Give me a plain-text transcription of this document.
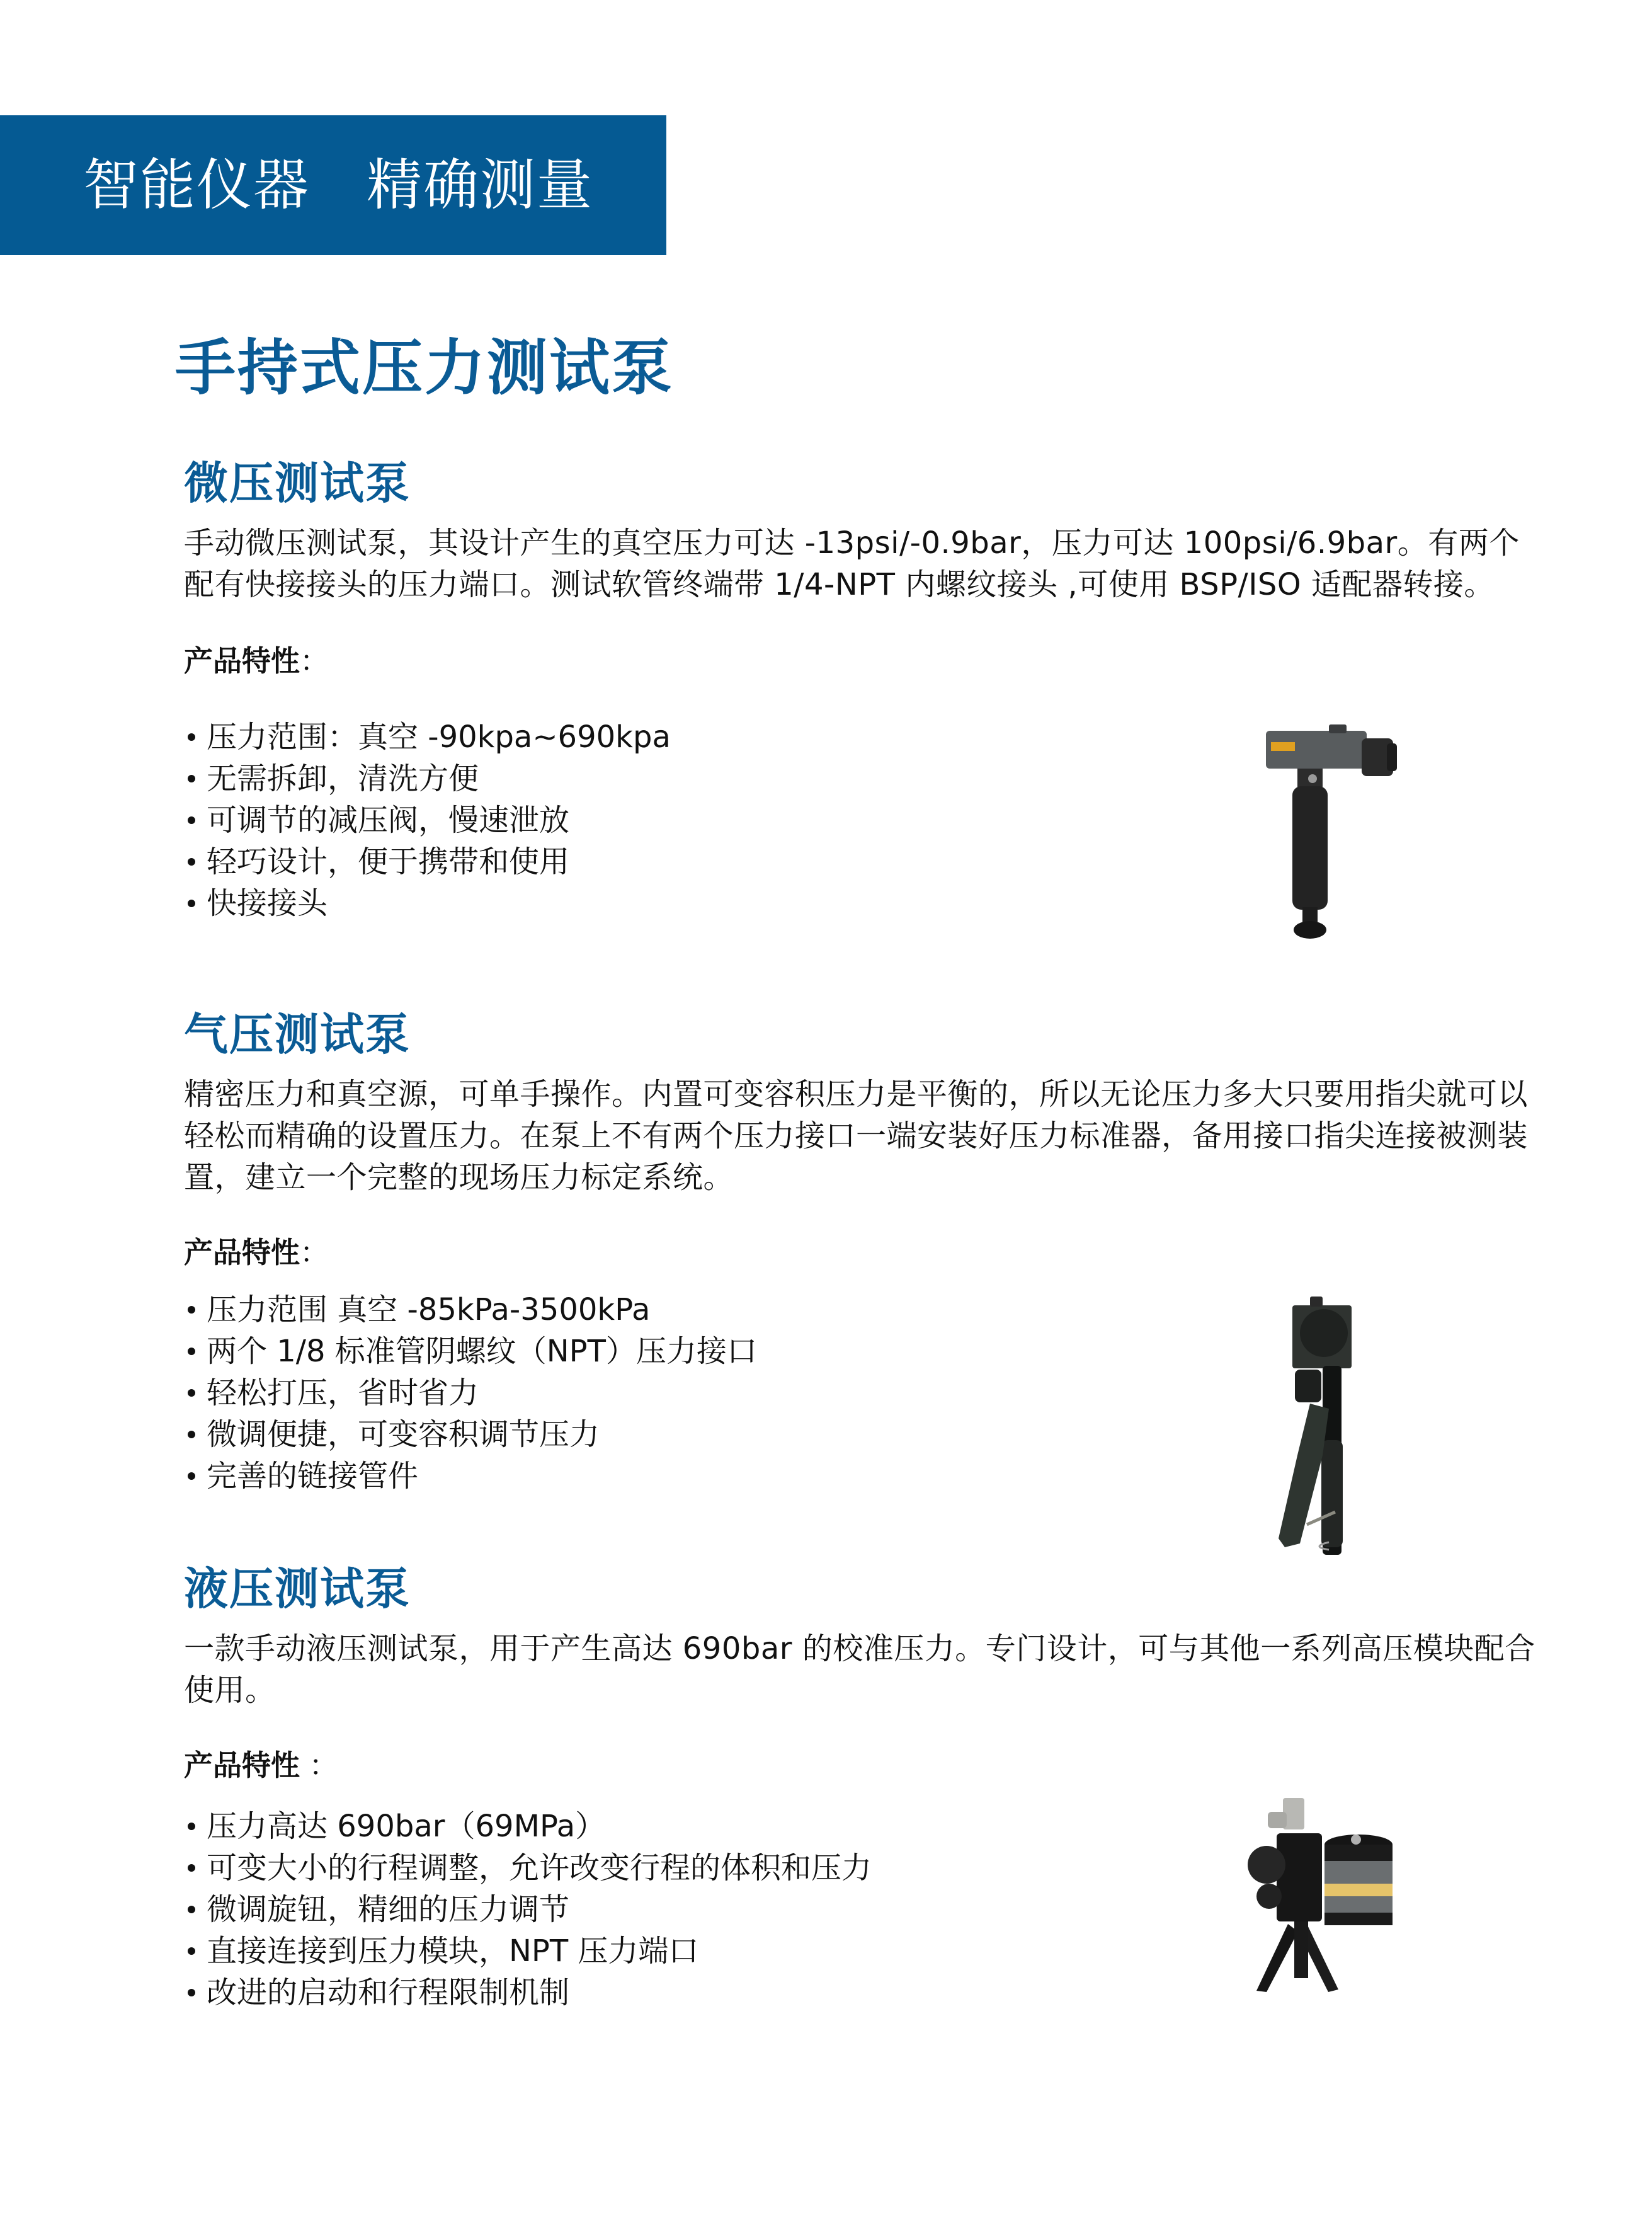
智能仪器　精确测量
手持式压力测试泵
微压测试泵

手动微压测试泵，其设计产生的真空压力可达 -13psi/-0.9bar，压力可达 100psi/6.9bar。有两个配有快接接头的压力端口。测试软管终端带 1/4-NPT 内螺纹接头 ,可使用 BSP/ISO 适配器转接。

产品特性：
压力范围：真空 -90kpa~690kpa
无需拆卸，清洗方便
可调节的减压阀，慢速泄放
轻巧设计，便于携带和使用
快接接头
气压测试泵

精密压力和真空源，可单手操作。内置可变容积压力是平衡的，所以无论压力多大只要用指尖就可以轻松而精确的设置压力。在泵上不有两个压力接口一端安装好压力标准器，备用接口指尖连接被测装置，建立一个完整的现场压力标定系统。

产品特性：
压力范围 真空 -85kPa-3500kPa
两个 1/8 标准管阴螺纹（NPT）压力接口
轻松打压，省时省力
微调便捷，可变容积调节压力
完善的链接管件
液压测试泵

一款手动液压测试泵，用于产生高达 690bar 的校准压力。专门设计，可与其他一系列高压模块配合使用。

产品特性 ：
压力高达 690bar（69MPa）
可变大小的行程调整，允许改变行程的体积和压力
微调旋钮，精细的压力调节
直接连接到压力模块，NPT 压力端口
改进的启动和行程限制机制
